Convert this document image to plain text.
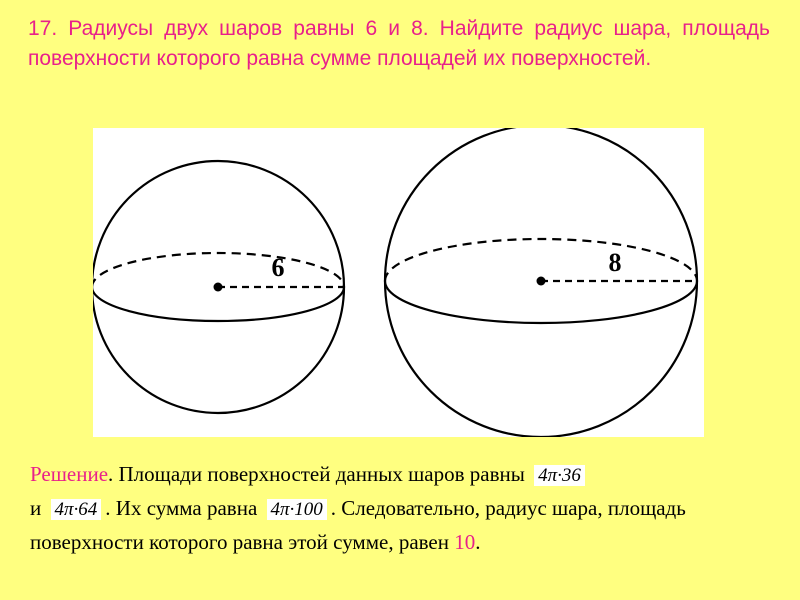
17. Радиусы двух шаров равны 6 и 8. Найдите радиус шара, площадь поверхности которого равна сумме площадей их поверхностей.

6	8

Решение. Площади поверхностей данных шаров равны 4π·36
и 4π·64 . Их сумма равна 4π·100 . Следовательно, радиус шара, площадь поверхности которого равна этой сумме, равен 10.
